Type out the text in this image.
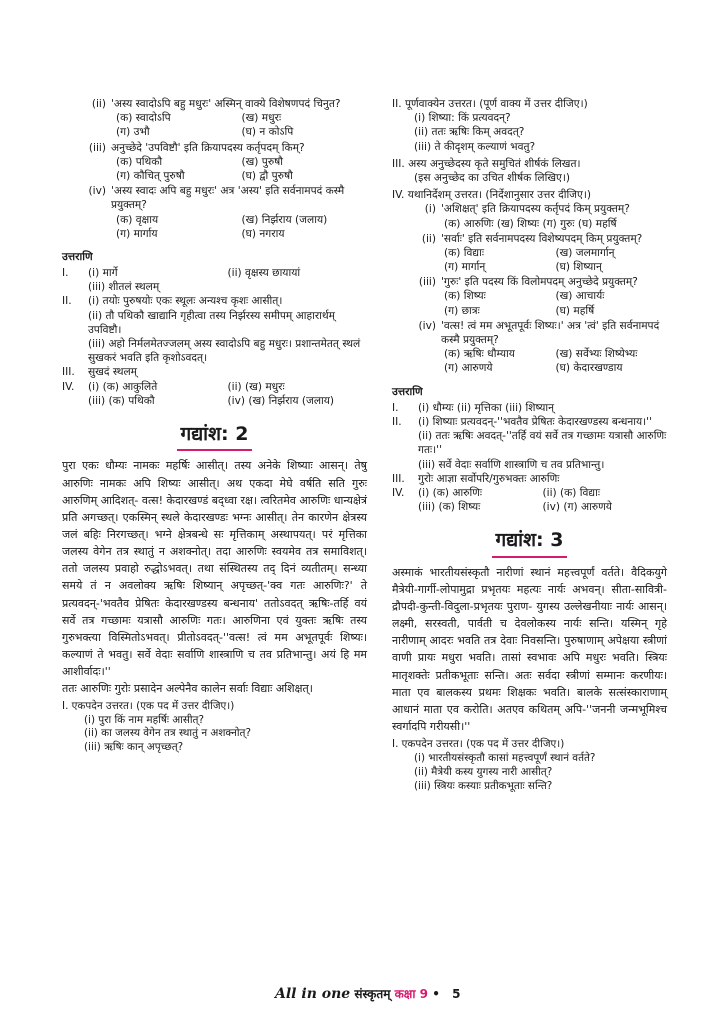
(ii) 'अस्य स्वादोऽपि बहु मधुरः' अस्मिन् वाक्ये विशेषणपदं चिनुत?
(क) स्वादोऽपि	(ख) मधुरः
(ग) उभौ	(घ) न कोऽपि
(iii) अनुच्छेदे 'उपविष्टौ' इति क्रियापदस्य कर्तृपदम् किम्?
(क) पथिकौ	(ख) पुरुषौ
(ग) कौचित् पुरुषौ	(घ) द्वौ पुरुषौ
(iv) 'अस्य स्वादः अपि बहु मधुरः' अत्र 'अस्य' इति सर्वनामपदं कस्मै प्रयुक्तम्?
(क) वृक्षाय	(ख) निर्झराय (जलाय)
(ग) मार्गाय	(घ) नगराय
उत्तराणि
I.	(i) मार्गे	(ii) वृक्षस्य छायायां
(iii) शीतलं स्थलम्
II.	(i) तयोः पुरुषयोः एकः स्थूलः अन्यश्च कृशः आसीत्।
(ii) तौ पथिकौ खाद्यानि गृहीत्वा तस्य निर्झरस्य समीपम् आहारार्थम् उपविष्टौ।
(iii) अहो निर्मलमेतज्जलम् अस्य स्वादोऽपि बहु मधुरः। प्रशान्तमेतत् स्थलं सुखकरं भवति इति कृशोऽवदत्।
III.	सुखदं स्थलम्
IV.	(i) (क) आकुलिते	(ii) (ख) मधुरः
(iii) (क) पथिकौ	(iv) (ख) निर्झराय (जलाय)
गद्यांश: 2
पुरा एकः धौम्यः नामकः महर्षिः आसीत्। तस्य अनेके शिष्याः आसन्। तेषु आरुणिः नामकः अपि शिष्यः आसीत्। अथ एकदा मेघे वर्षति सति गुरुः आरुणिम् आदिशत्- वत्स! केदारखण्डं बद्ध्वा रक्ष। त्वरितमेव आरुणिः धान्यक्षेत्रं प्रति अगच्छत्। एकस्मिन् स्थले केदारखण्डः भग्नः आसीत्। तेन कारणेन क्षेत्रस्य जलं बहिः निरगच्छत्। भग्ने क्षेत्रबन्धे सः मृत्तिकाम् अस्थापयत्। परं मृत्तिका जलस्य वेगेन तत्र स्थातुं न अशक्नोत्। तदा आरुणिः स्वयमेव तत्र समाविशत्। ततो जलस्य प्रवाहो रुद्धोऽभवत्। तथा संस्थितस्य तद् दिनं व्यतीतम्। सन्ध्या समये तं न अवलोक्य ऋषिः शिष्यान् अपृच्छत्-'क्व गतः आरुणिः?' ते प्रत्यवदन्-'भवतैव प्रेषितः केदारखण्डस्य बन्धनाय' ततोऽवदत् ऋषिः-तर्हि वयं सर्वे तत्र गच्छामः यत्रासौ आरुणिः गतः। आरुणिना एवं युक्तः ऋषिः तस्य गुरुभक्त्या विस्मितोऽभवत्। प्रीतोऽवदत्-''वत्स! त्वं मम अभूतपूर्वः शिष्यः। कल्याणं ते भवतु। सर्वे वेदाः सर्वाणि शास्त्राणि च तव प्रतिभान्तु। अयं हि मम आशीर्वादः।''
ततः आरुणिः गुरोः प्रसादेन अल्पेनैव कालेन सर्वाः विद्याः अशिक्षत्।
I. एकपदेन उत्तरत। (एक पद में उत्तर दीजिए।)
(i) पुरा किं नाम महर्षिः आसीत्?
(ii) का जलस्य वेगेन तत्र स्थातुं न अशक्नोत्?
(iii) ऋषिः कान् अपृच्छत्?
II. पूर्णवाक्येन उत्तरत। (पूर्ण वाक्य में उत्तर दीजिए।)
(i) शिष्या: किं प्रत्यवदन्?
(ii) ततः ऋषिः किम् अवदत्?
(iii) ते कीदृशम् कल्याणं भवतु?
III. अस्य अनुच्छेदस्य कृते समुचितं शीर्षकं लिखत।
(इस अनुच्छेद का उचित शीर्षक लिखिए।)
IV. यथानिर्देशम् उत्तरत। (निर्देशानुसार उत्तर दीजिए।)
(i) 'अशिक्षत्' इति क्रियापदस्य कर्तृपदं किम् प्रयुक्तम्?
(क) आरुणिः (ख) शिष्यः (ग) गुरुः (घ) महर्षि
(ii) 'सर्वाः' इति सर्वनामपदस्य विशेष्यपदम् किम् प्रयुक्तम्?
(क) विद्याः	(ख) जलमार्गान्
(ग) मार्गान्	(घ) शिष्यान्
(iii) 'गुरुः' इति पदस्य किं विलोमपदम् अनुच्छेदे प्रयुक्तम्?
(क) शिष्यः	(ख) आचार्यः
(ग) छात्रः	(घ) महर्षि
(iv) 'वत्स! त्वं मम अभूतपूर्वः शिष्यः।' अत्र 'त्वं' इति सर्वनामपदं कस्मै प्रयुक्तम्?
(क) ऋषिः धौम्याय	(ख) सर्वेभ्यः शिष्येभ्यः
(ग) आरुणये	(घ) केदारखण्डाय
उत्तराणि
I.	(i) धौम्यः (ii) मृत्तिका (iii) शिष्यान्
II.	(i) शिष्याः प्रत्यवदन्-''भवतैव प्रेषितः केदारखण्डस्य बन्धनाय।''
(ii) ततः ऋषिः अवदत्-''तर्हि वयं सर्वे तत्र गच्छामः यत्रासौ आरुणिः गतः।''
(iii) सर्वे वेदाः सर्वाणि शास्त्राणि च तव प्रतिभान्तु।
III.	गुरोः आज्ञा सर्वोपरि/गुरुभक्तः आरुणिः
IV.	(i) (क) आरुणिः	(ii) (क) विद्याः
(iii) (क) शिष्यः	(iv) (ग) आरुणये
गद्यांश: 3
अस्माकं भारतीयसंस्कृतौ नारीणां स्थानं महत्त्वपूर्णं वर्तते। वैदिकयुगे मैत्रेयी-गार्गी-लोपामुद्रा प्रभृतयः महत्यः नार्यः अभवन्। सीता-सावित्री-द्रौपदी-कुन्ती-विदुला-प्रभृतयः पुराण- युगस्य उल्लेखनीयाः नार्यः आसन्। लक्ष्मी, सरस्वती, पार्वती च देवलोकस्य नार्यः सन्ति। यस्मिन् गृहे नारीणाम् आदरः भवति तत्र देवाः निवसन्ति। पुरुषाणाम् अपेक्षया स्त्रीणां वाणी प्रायः मधुरा भवति। तासां स्वभावः अपि मधुरः भवति। स्त्रियः मातृशक्तेः प्रतीकभूताः सन्ति। अतः सर्वदा स्त्रीणां सम्मानः करणीयः। माता एव बालकस्य प्रथमः शिक्षकः भवति। बालके सत्संस्काराणाम् आधानं माता एव करोति। अतएव कथितम् अपि-''जननी जन्मभूमिश्च स्वर्गादपि गरीयसी।''
I. एकपदेन उत्तरत। (एक पद में उत्तर दीजिए।)
(i) भारतीयसंस्कृतौ कासां महत्त्वपूर्णं स्थानं वर्तते?
(ii) मैत्रेयी कस्य युगस्य नारी आसीत्?
(iii) स्त्रियः कस्याः प्रतीकभूताः सन्ति?
All in one संस्कृतम् कक्षा 9 • 5
